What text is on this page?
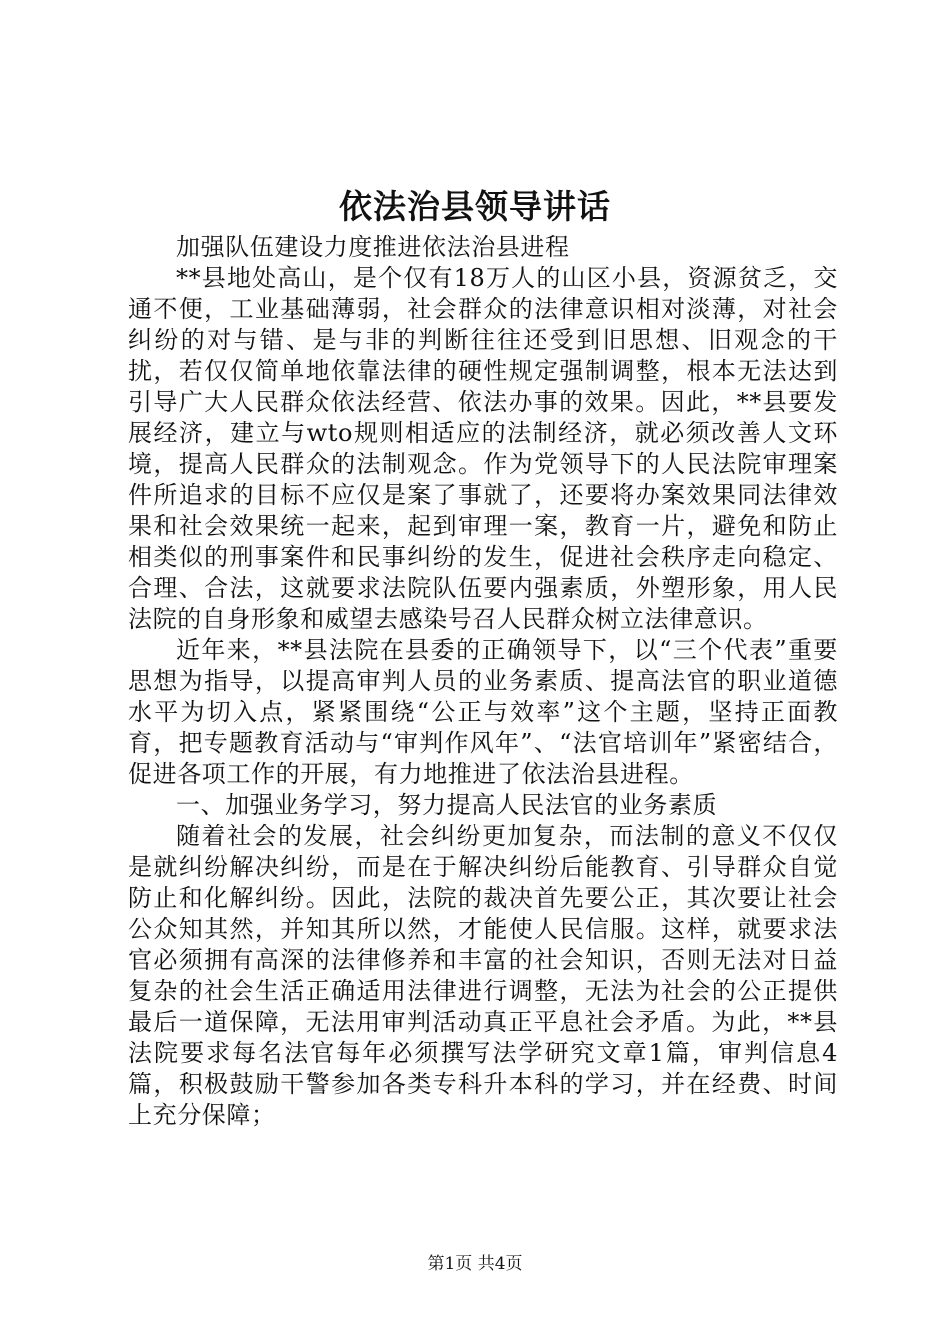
依法治县领导讲话

加强队伍建设力度推进依法治县进程

**县地处高山，是个仅有18万人的山区小县，资源贫乏，交通不便，工业基础薄弱，社会群众的法律意识相对淡薄，对社会纠纷的对与错、是与非的判断往往还受到旧思想、旧观念的干扰，若仅仅简单地依靠法律的硬性规定强制调整，根本无法达到引导广大人民群众依法经营、依法办事的效果。因此，**县要发展经济，建立与wto规则相适应的法制经济，就必须改善人文环境，提高人民群众的法制观念。作为党领导下的人民法院审理案件所追求的目标不应仅是案了事就了，还要将办案效果同法律效果和社会效果统一起来，起到审理一案，教育一片，避免和防止相类似的刑事案件和民事纠纷的发生，促进社会秩序走向稳定、合理、合法，这就要求法院队伍要内强素质，外塑形象，用人民法院的自身形象和威望去感染号召人民群众树立法律意识。

近年来，**县法院在县委的正确领导下，以“三个代表”重要思想为指导，以提高审判人员的业务素质、提高法官的职业道德水平为切入点，紧紧围绕“公正与效率”这个主题，坚持正面教育，把专题教育活动与“审判作风年”、“法官培训年”紧密结合，促进各项工作的开展，有力地推进了依法治县进程。

一、加强业务学习，努力提高人民法官的业务素质

随着社会的发展，社会纠纷更加复杂，而法制的意义不仅仅是就纠纷解决纠纷，而是在于解决纠纷后能教育、引导群众自觉防止和化解纠纷。因此，法院的裁决首先要公正，其次要让社会公众知其然，并知其所以然，才能使人民信服。这样，就要求法官必须拥有高深的法律修养和丰富的社会知识，否则无法对日益复杂的社会生活正确适用法律进行调整，无法为社会的公正提供最后一道保障，无法用审判活动真正平息社会矛盾。为此，**县法院要求每名法官每年必须撰写法学研究文章1篇，审判信息4篇，积极鼓励干警参加各类专科升本科的学习，并在经费、时间上充分保障；

第1页 共4页
